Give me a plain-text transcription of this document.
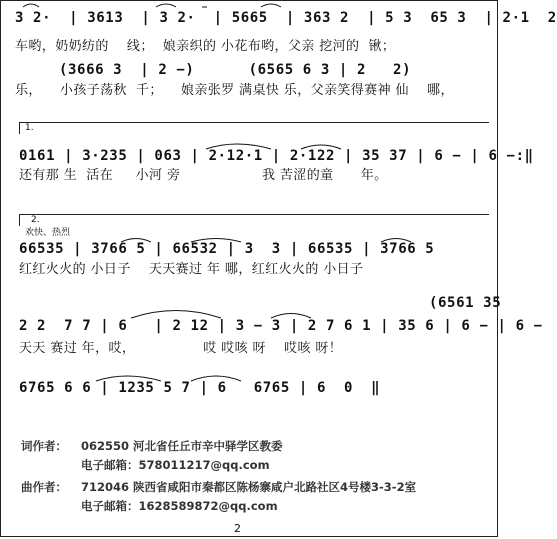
3 2·  | 3613  | 3 2·  | 5665  | 363 2  | 5 3  65 3  | 2·1  2
车哟，奶奶纺的    线；  娘亲织的 小花布哟，父亲 挖河的  锹；
(3666 3  | 2 −)      (6565 6 3 | 2   2)
乐，    小孩子荡秋  千；    娘亲张罗 满桌快 乐，父亲笑得赛神 仙    哪，
1.
0161 | 3·235 | 063 | 2·12·1 | 2·122 | 35 37 | 6 − | 6 −:‖
还有那 生  活在     小河 旁                  我 苦涩的童      年。
2.
欢快、热烈
66535 | 3766 5 | 66532 | 3  3 | 66535 | 3766 5
红红火火的 小日子    天天赛过 年 哪，红红火火的 小日子
(6561 35
2 2  7 7 | 6   | 2 12 | 3 − 3 | 2 7 6 1 | 35 6 | 6 − | 6 −
天天 赛过 年，哎，               哎 哎咳 呀    哎咳 呀！
6765 6 6 | 1235 5 7 | 6   6765 | 6  0  ‖
词作者： 062550 河北省任丘市辛中驿学区教委
电子邮箱：578011217@qq.com
曲作者： 712046 陕西省咸阳市秦都区陈杨寨咸户北路社区4号楼3-3-2室
电子邮箱：1628589872@qq.com
2
